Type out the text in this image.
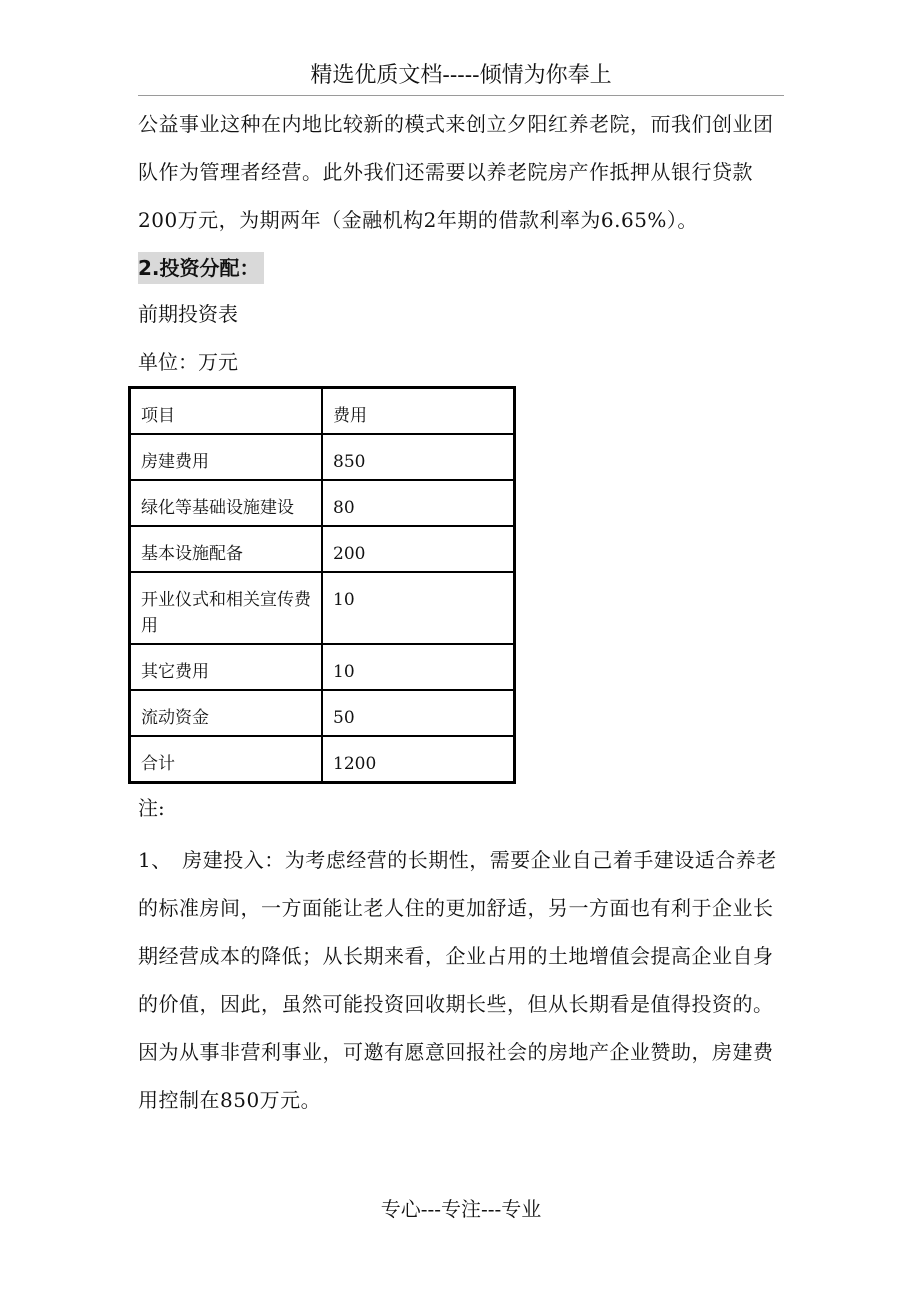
精选优质文档-----倾情为你奉上
公益事业这种在内地比较新的模式来创立夕阳红养老院，而我们创业团队作为管理者经营。此外我们还需要以养老院房产作抵押从银行贷款200万元，为期两年（金融机构2年期的借款利率为6.65%）。
2.投资分配：
前期投资表
单位：万元
项目	费用
房建费用	850
绿化等基础设施建设	80
基本设施配备	200
开业仪式和相关宣传费用	10
其它费用	10
流动资金	50
合计	1200
注:
1、　房建投入：为考虑经营的长期性，需要企业自己着手建设适合养老的标准房间，一方面能让老人住的更加舒适，另一方面也有利于企业长期经营成本的降低；从长期来看，企业占用的土地增值会提高企业自身的价值，因此，虽然可能投资回收期长些，但从长期看是值得投资的。因为从事非营利事业，可邀有愿意回报社会的房地产企业赞助，房建费用控制在850万元。
专心---专注---专业
